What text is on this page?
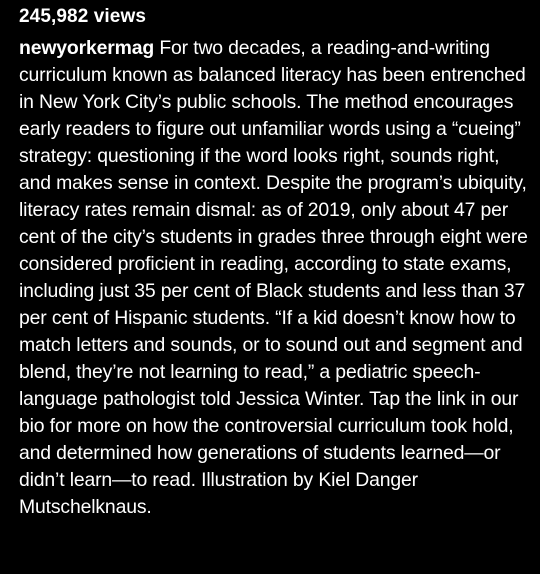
245,982 views

newyorkermag For two decades, a reading-and-writing curriculum known as balanced literacy has been entrenched in New York City’s public schools. The method encourages early readers to figure out unfamiliar words using a “cueing” strategy: questioning if the word looks right, sounds right, and makes sense in context. Despite the program’s ubiquity, literacy rates remain dismal: as of 2019, only about 47 per cent of the city’s students in grades three through eight were considered proficient in reading, according to state exams, including just 35 per cent of Black students and less than 37 per cent of Hispanic students. “If a kid doesn’t know how to match letters and sounds, or to sound out and segment and blend, they’re not learning to read,” a pediatric speech-language pathologist told Jessica Winter. Tap the link in our bio for more on how the controversial curriculum took hold, and determined how generations of students learned—or didn’t learn—to read. Illustration by Kiel Danger Mutschelknaus.
